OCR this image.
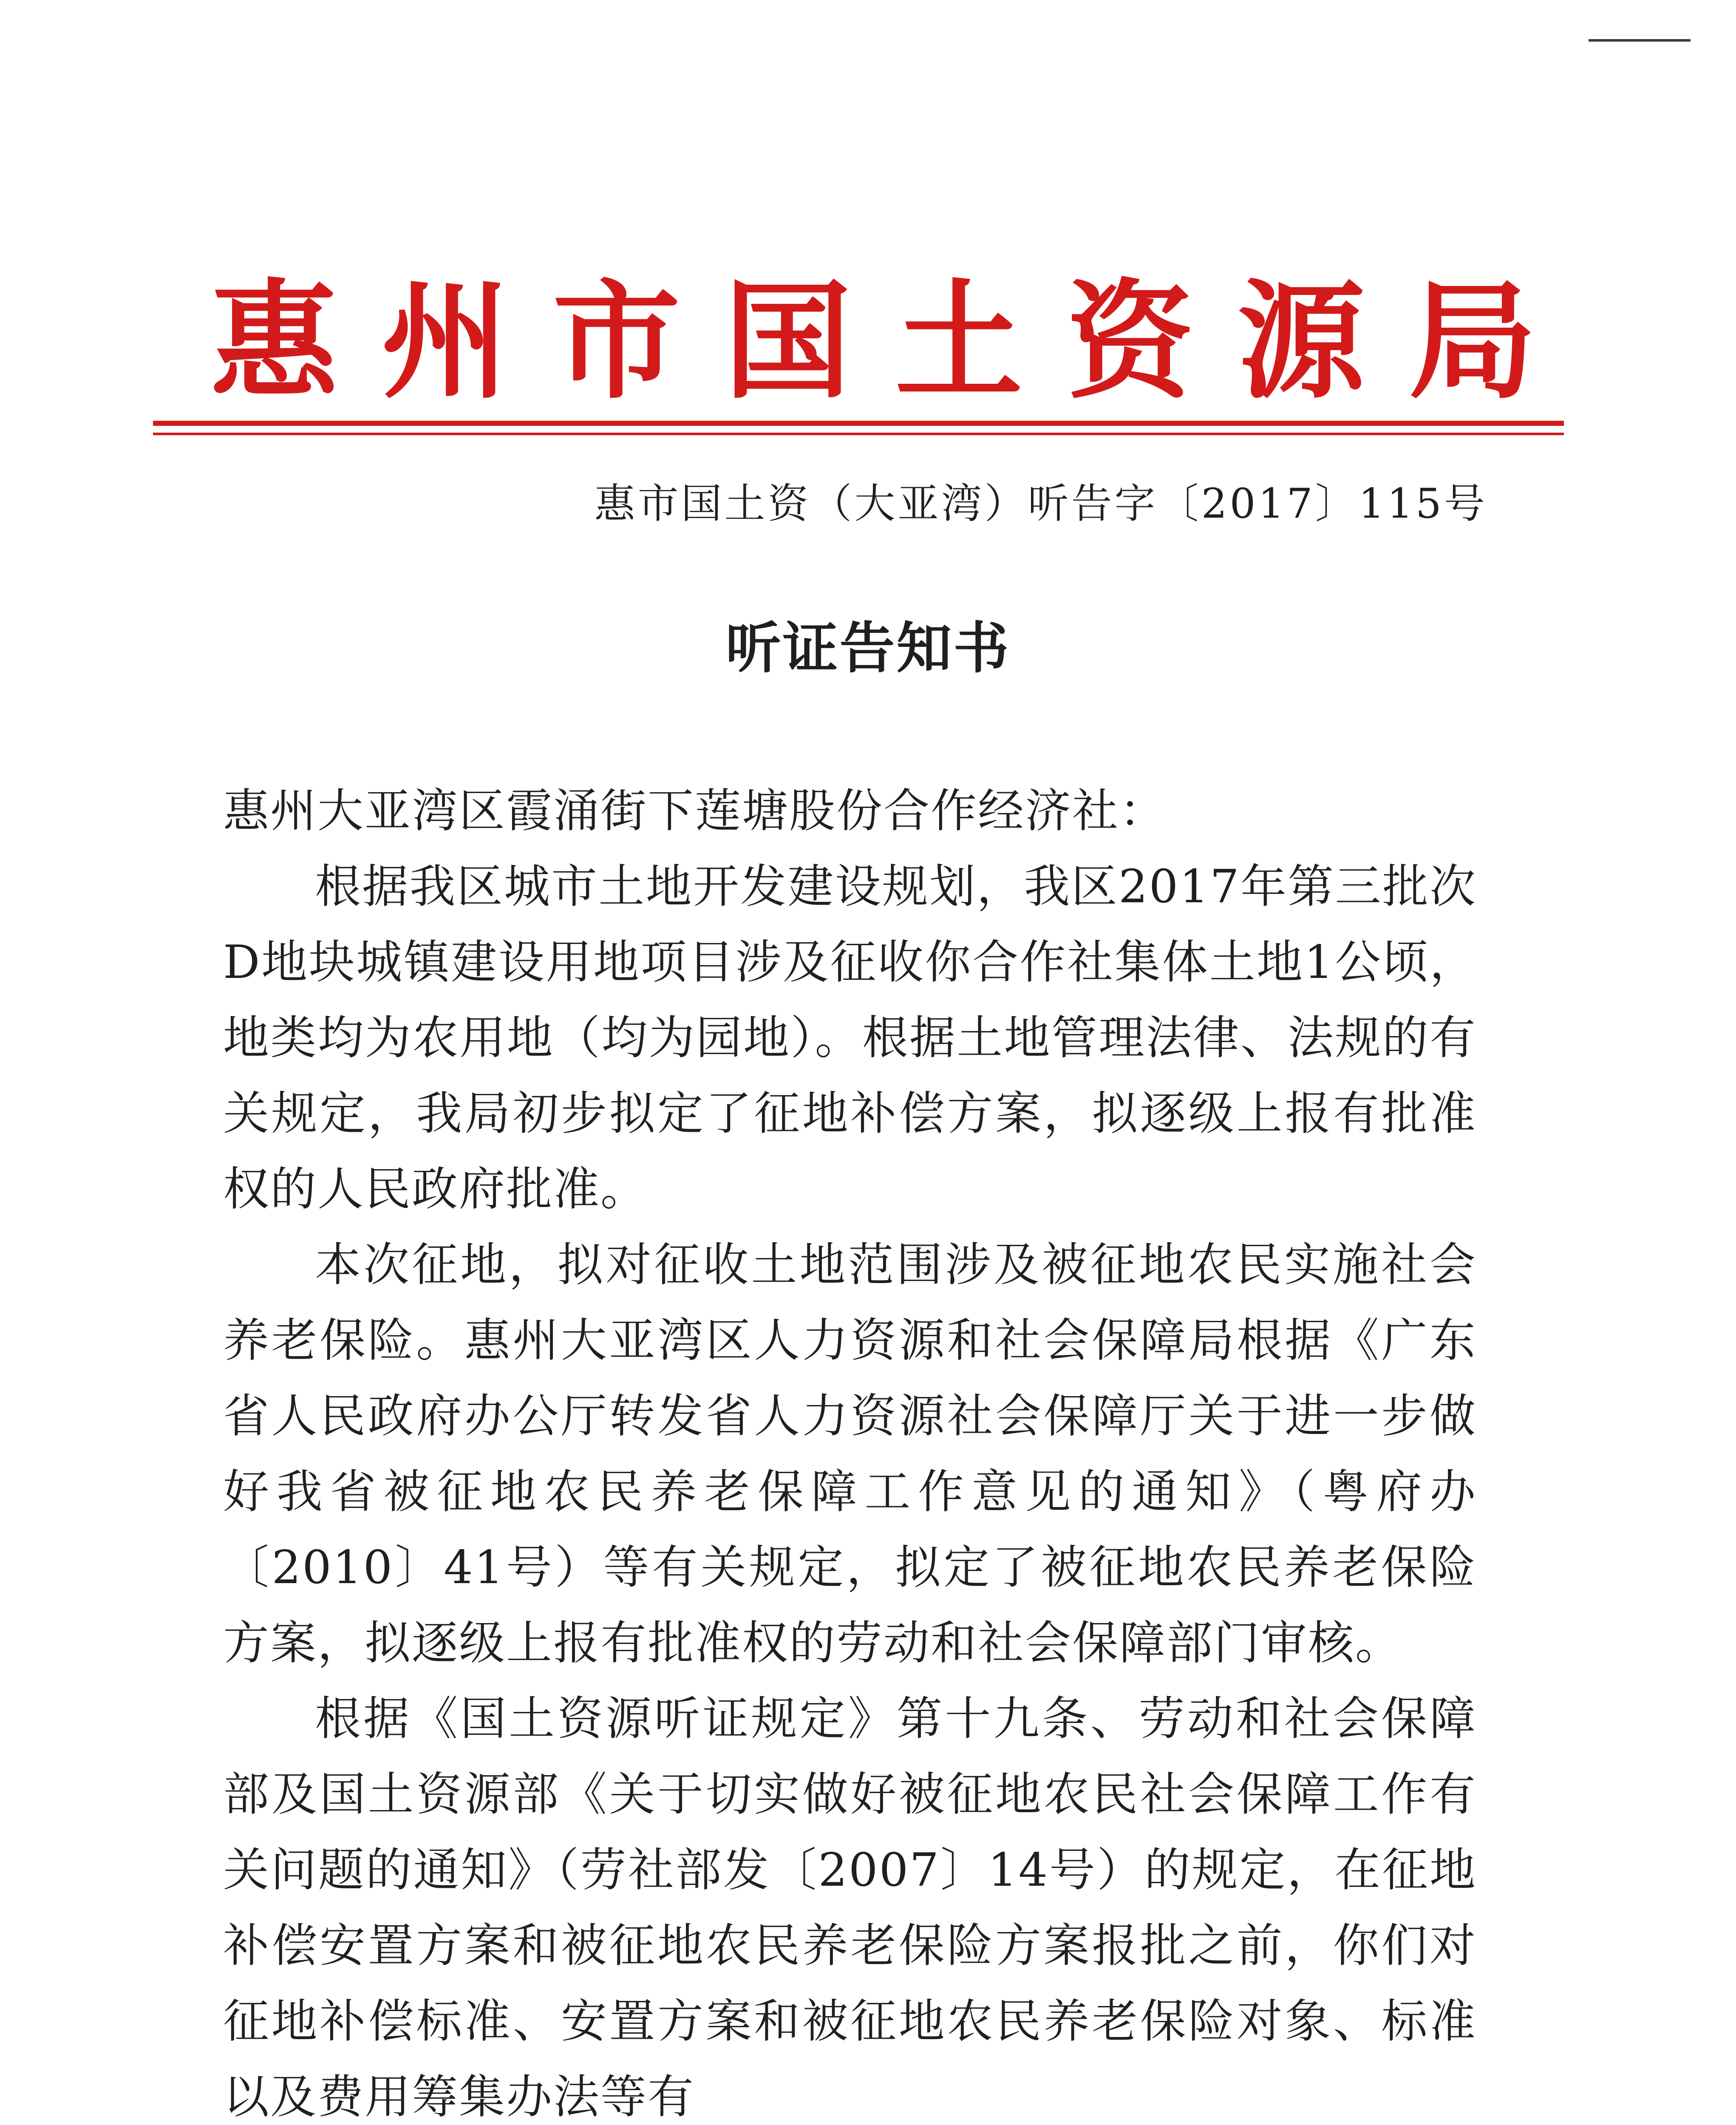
惠 州 市 国 土 资 源 局
惠市国土资（大亚湾）听告字〔2017〕115号
听证告知书

惠州大亚湾区霞涌街下莲塘股份合作经济社：

根据我区城市土地开发建设规划，我区2017年第三批次D地块城镇建设用地项目涉及征收你合作社集体土地1公顷，地类均为农用地（均为园地）。根据土地管理法律、法规的有关规定，我局初步拟定了征地补偿方案，拟逐级上报有批准权的人民政府批准。

本次征地，拟对征收土地范围涉及被征地农民实施社会养老保险。惠州大亚湾区人力资源和社会保障局根据《广东省人民政府办公厅转发省人力资源社会保障厅关于进一步做好我省被征地农民养老保障工作意见的通知》（粤府办〔2010〕41号）等有关规定，拟定了被征地农民养老保险方案，拟逐级上报有批准权的劳动和社会保障部门审核。

根据《国土资源听证规定》第十九条、劳动和社会保障部及国土资源部《关于切实做好被征地农民社会保障工作有关问题的通知》（劳社部发〔2007〕14号）的规定，在征地补偿安置方案和被征地农民养老保险方案报批之前，你们对征地补偿标准、安置方案和被征地农民养老保险对象、标准以及费用筹集办法等有
